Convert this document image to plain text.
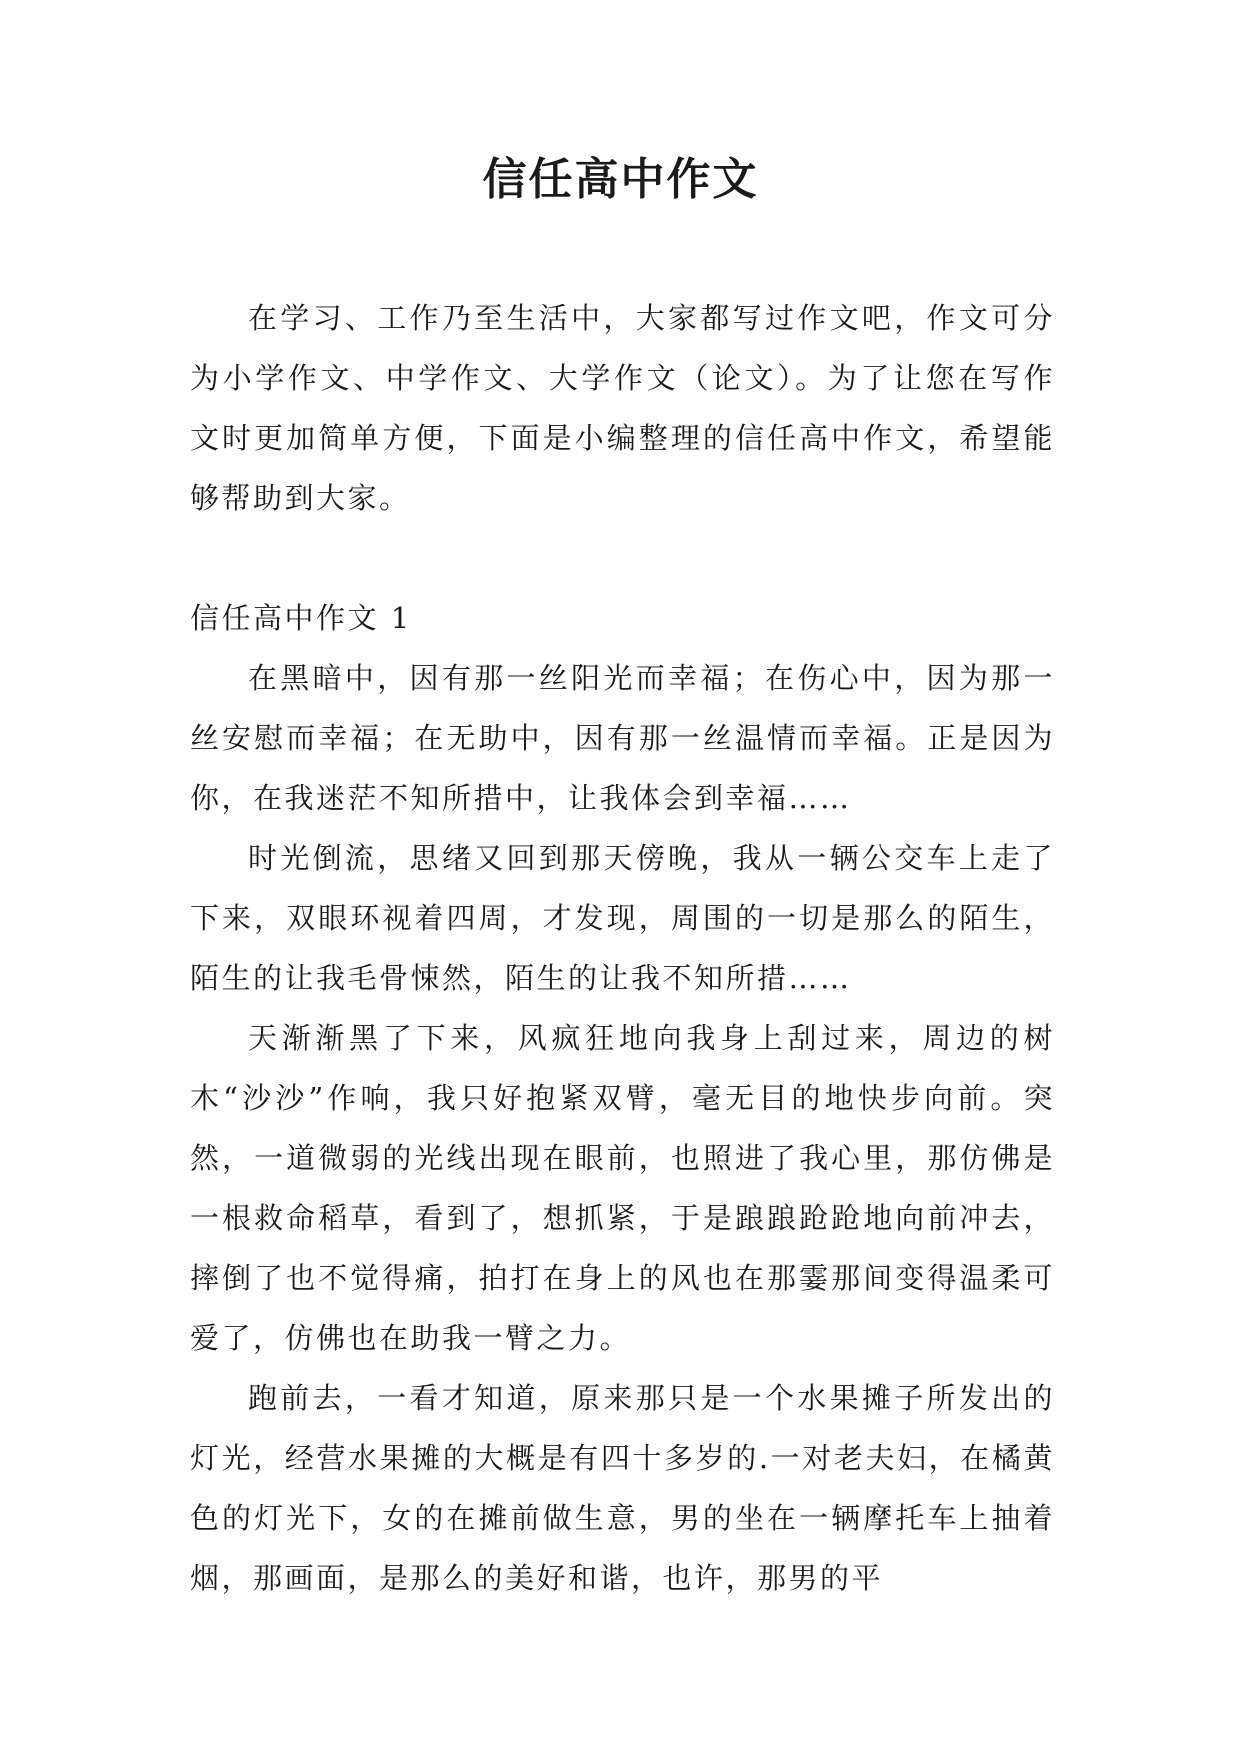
信任高中作文

在学习、工作乃至生活中，大家都写过作文吧，作文可分为小学作文、中学作文、大学作文（论文）。为了让您在写作文时更加简单方便，下面是小编整理的信任高中作文，希望能够帮助到大家。

信任高中作文 1

在黑暗中，因有那一丝阳光而幸福；在伤心中，因为那一丝安慰而幸福；在无助中，因有那一丝温情而幸福。正是因为你，在我迷茫不知所措中，让我体会到幸福……

时光倒流，思绪又回到那天傍晚，我从一辆公交车上走了下来，双眼环视着四周，才发现，周围的一切是那么的陌生，陌生的让我毛骨悚然，陌生的让我不知所措……

天渐渐黑了下来，风疯狂地向我身上刮过来，周边的树木“沙沙”作响，我只好抱紧双臂，毫无目的地快步向前。突然，一道微弱的光线出现在眼前，也照进了我心里，那仿佛是一根救命稻草，看到了，想抓紧，于是踉踉跄跄地向前冲去，摔倒了也不觉得痛，拍打在身上的风也在那霎那间变得温柔可爱了，仿佛也在助我一臂之力。

跑前去，一看才知道，原来那只是一个水果摊子所发出的灯光，经营水果摊的大概是有四十多岁的.一对老夫妇，在橘黄色的灯光下，女的在摊前做生意，男的坐在一辆摩托车上抽着烟，那画面，是那么的美好和谐，也许，那男的平
